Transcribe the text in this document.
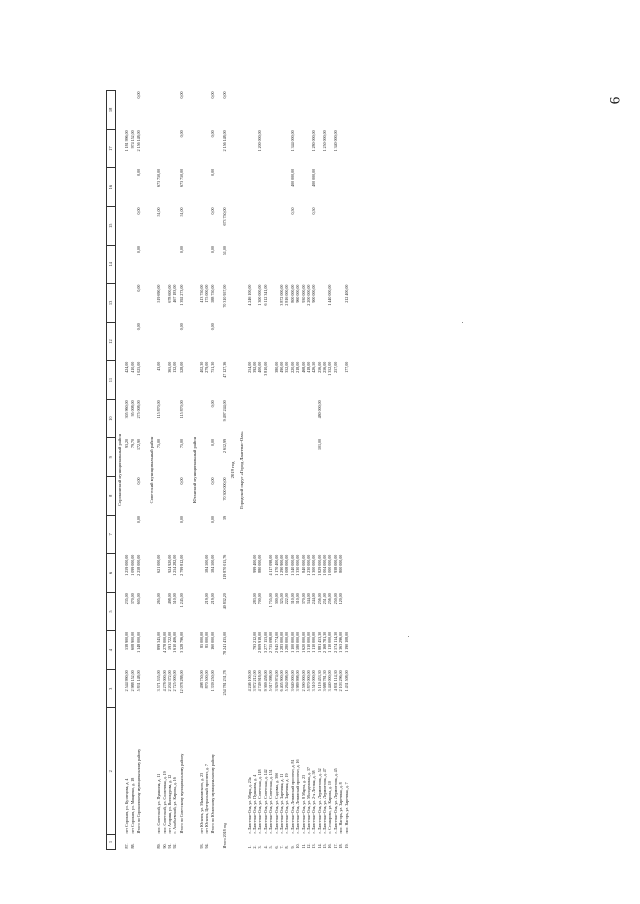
6
1	2	3	4	5	6	7	8	9	10	11	12	13	14	15	16	17	18
Сорокинский муниципальный район																	
87.	пгт Сорокин, ул. Кузнецова, д. 4	2 544 990,00	538 900,00	235,00	1 259 000,00			93,20	305 960,00	424,00						1 181 996,00	
88.	пгт Сорокин, ул. Мищенко, д. 18	2 988 152,00	608 900,00	370,00	1 099 000,00			79,70	95 008,00	410,00						974 152,00	
	Итого по Сорокинскому муниципальному району	5 831 148,00	1 148 000,00	605,00	2 258 000,00	0,00	0,00	172,90	275 008,00	1 025,00	0,00	0,00	0,00	0,00	0,00	2 156 148,00	0,00

Советский муниципальный район																	
89.	пос. Советский, ул. Пушкина, д. 11	3 571 535,00	899 345,00	265,00	621 000,00			75,00	115 870,00	43,00		519 690,00		51,00	673 750,00		
90.	пос. Советский, ул. Солнечная, д. 19	4 278 000,00	4 278 000,00														
91.	пгт Агириш, ул. Винокурова, д. 12	2 204 372,00	591 722,00	498,00	924 920,00					365,00		678 600,00					
92.	с. Алябьевский, ул. Кирова, д. 16	2 725 000,00	1 610 406,00	510,00	1 254 282,00					132,00		467 183,00					
	Итого по Советскому муниципальному району	12 078 288,00	3 328 796,00	1 245,00	2 799 812,00	0,00	0,00	75,00	115 870,00	528,00	0,00	1 392 273,00	0,00	51,00	673 750,00	0,00	0,00

Юганский муниципальный район																	
93.	пгт Юганск, ул. Мавлимского, д. 23	498 750,00	85 000,00							402,30		413 750,00					
94.	пгт Юганск, Центральный проспект, д. 7	870 500,00	85 000,00	219,00	584 500,00					279,00		175 000,00					
	Итого по Юганскому муниципальному району	1 339 250,00	160 000,00	219,00	584 500,00	0,00	0,00	0,00	0,00	751,30	0,00	588 750,00	0,00	0,00	0,00	0,00	0,00

Итого 2018 год		254 781 231,78	78 241 435,00	40 832,20	119 870 015,76	39	70 300 000,00	2 612,99	9 497 244,00	47 127,36		70 310 957,00	51,00	673 750,00		2 156 148,00	0,00
2019 год																	
Городской округ «Город Лангепас-Ола»																	
1.	г. Лангепас-Ола, ул. Мира, д. 23а	4 246 100,00								254,00		4 246 100,00					
2.	г. Лангепас-Ола, ул. Пушкина, д. 4	3 972 212,00	793 212,00	283,00	999 400,00					392,00							
3.	г. Лангепас-Ола, ул. Советская, д. 118	4 749 918,00	2 809 918,00	700,00	880 000,00					400,00		1 300 000,00				1 200 000,00	
4.	г. Лангепас-Ола, ул. Советская, д. 142	9 369 458,00	3 277 153,00							3 810,00		6 112 341,00					
5.	г. Лангепас-Ола, ул. Советская, д. 151	5 017 098,00	2 735 098,00	1 755,00	4 117 098,00												
6.	г. Лангепас-Ола, ул. Садовая, д. 30б	3 929 974,00	2 645 774,00	300,00	1 170 400,00					380,00							
7.	г. Лангепас-Ола, ул. Заречная, д. 11	6 405 900,00	1 283 000,00	325,00	1 290 900,00					490,00		3 872 000,00					
8.	г. Лангепас-Ола, ул. Заречная, д. 19	5 264 098,00	1 280 000,00	222,00	1 008 000,00					352,00		2 816 000,00					
9.	г. Лангепас-Ола, Ленинский проспект, д. 81	3 640 000,00	1 100 000,00	310,00	1 540 000,00					220,00		800 000,00		0,50	400 000,00	1 344 000,00	
10.	г. Лангепас-Ола, Ленинский проспект, д. 16	3 989 998,00	1 580 000,00	310,00	1 330 000,00					218,00		960 000,00					
11.	г. Лангепас-Ола, ул. 8 Марта, д. 23	2 590 000,00	1 620 000,00	370,00	840 000,00					468,00		930 000,00					
12.	г. Лангепас-Ола, ул. Молодежная, д. 37	5 870 000,00	1 310 000,00	344,00	1 230 000,00					418,00		2 200 000,00					
13.	г. Лангепас-Ола, ул. 2-я Лесная, д. 58	3 510 000,00	1 110 000,00	244,00	1 300 000,00					426,50		900 000,00		0,50	400 000,00	1 280 000,00	
14.	г. Лангепас-Ола, ул. Лермонтова, д. 52	5 119 453,30	1 881 453,30	256,00	1 829 000,00			101,00	480 000,00	256,00							
15.	г. Лангепас-Ола, ул. Лермонтова, д. 47	3 688 781,30	2 168 781,30	251,00	1 004 000,00					256,00						1 250 000,00	
16.	с. Селиярово, ул. Кирова, д. 10	3 440 000,00	1 110 000,00	256,00	1 000 000,00					1 352,00		1 440 000,00					
17.	г. Лангепас-Ола, ул. Лермонтова, д. 45	4 831 114,30	2 574 114,30	250,00	938 000,00					257,00						1 340 000,00	
18.	пос. Нагорь, ул. Заречная, д. 8	2 103 296,00	1 363 296,00	120,00	800 000,00												
19.	пос. Нагорь, ул. Заречная, д. 7	1 431 508,00	1 190 108,00							177,00		212 400,00					
